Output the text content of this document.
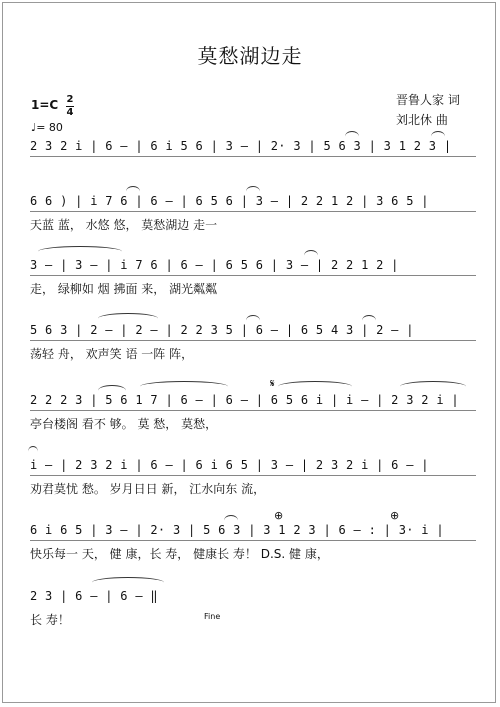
莫愁湖边走
晋鲁人家 词
刘北休 曲
1=C 2
4
♩= 80
2 3 2 i | 6 – | 6 i 5 6 | 3 – | 2· 3 | 5 6 3 | 3 1 2 3 |
6 6 ) | i 7 6 | 6 – | 6 5 6 | 3 – | 2 2 1 2 | 3 6 5 |
天蓝 蓝， 水悠 悠， 莫愁湖边 走一
3 – | 3 – | i 7 6 | 6 – | 6 5 6 | 3 – | 2 2 1 2 |
走， 绿柳如 烟 拂面 来， 湖光粼粼
5 6 3 | 2 – | 2 – | 2 2 3 5 | 6 – | 6 5 4 3 | 2 – |
荡轻 舟， 欢声笑 语 一阵 阵，
2 2 2 3 | 5 6 1 7 | 6 – | 6 – | 6 5 6 i | i – | 2 3 2 i |
亭台楼阁 看不 够。 莫 愁， 莫愁，
𝄋
i – | 2 3 2 i | 6 – | 6 i 6 5 | 3 – | 2 3 2 i | 6 – |
劝君莫忧 愁。 岁月日日 新， 江水向东 流，
6 i 6 5 | 3 – | 2· 3 | 5 6 3 | 3 1 2 3 | 6 – : | 3· i |
快乐每一 天， 健 康，长 寿， 健康长 寿！ D.S. 健 康，
⊕	⊕
2 3 | 6 – | 6 – ‖
长 寿！	Fine
